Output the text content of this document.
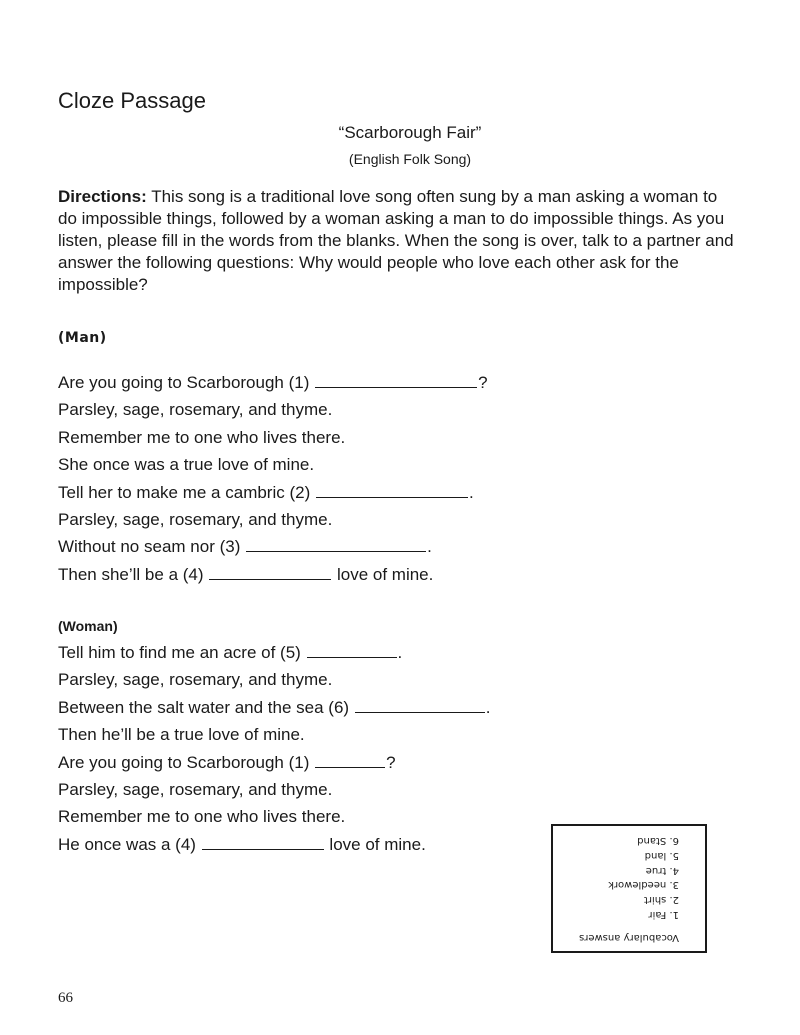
Cloze Passage
“Scarborough Fair”
(English Folk Song)

Directions: This song is a traditional love song often sung by a man asking a woman to do impossible things, followed by a woman asking a man to do impossible things. As you listen, please fill in the words from the blanks. When the song is over, talk to a partner and answer the following questions: Why would people who love each other ask for the impossible?

(Man)
Are you going to Scarborough (1)	?
Parsley, sage, rosemary, and thyme.
Remember me to one who lives there.
She once was a true love of mine.
Tell her to make me a cambric (2)	.
Parsley, sage, rosemary, and thyme.
Without no seam nor (3)	.
Then she’ll be a (4)	love of mine.
(Woman)
Tell him to find me an acre of (5)	.
Parsley, sage, rosemary, and thyme.
Between the salt water and the sea (6)	.
Then he’ll be a true love of mine.
Are you going to Scarborough (1)	?
Parsley, sage, rosemary, and thyme.
Remember me to one who lives there.
He once was a (4)	love of mine.
Vocabulary answers
1. Fair
2. shirt
3. needlework
4. true
5. land
6. Stand
66
